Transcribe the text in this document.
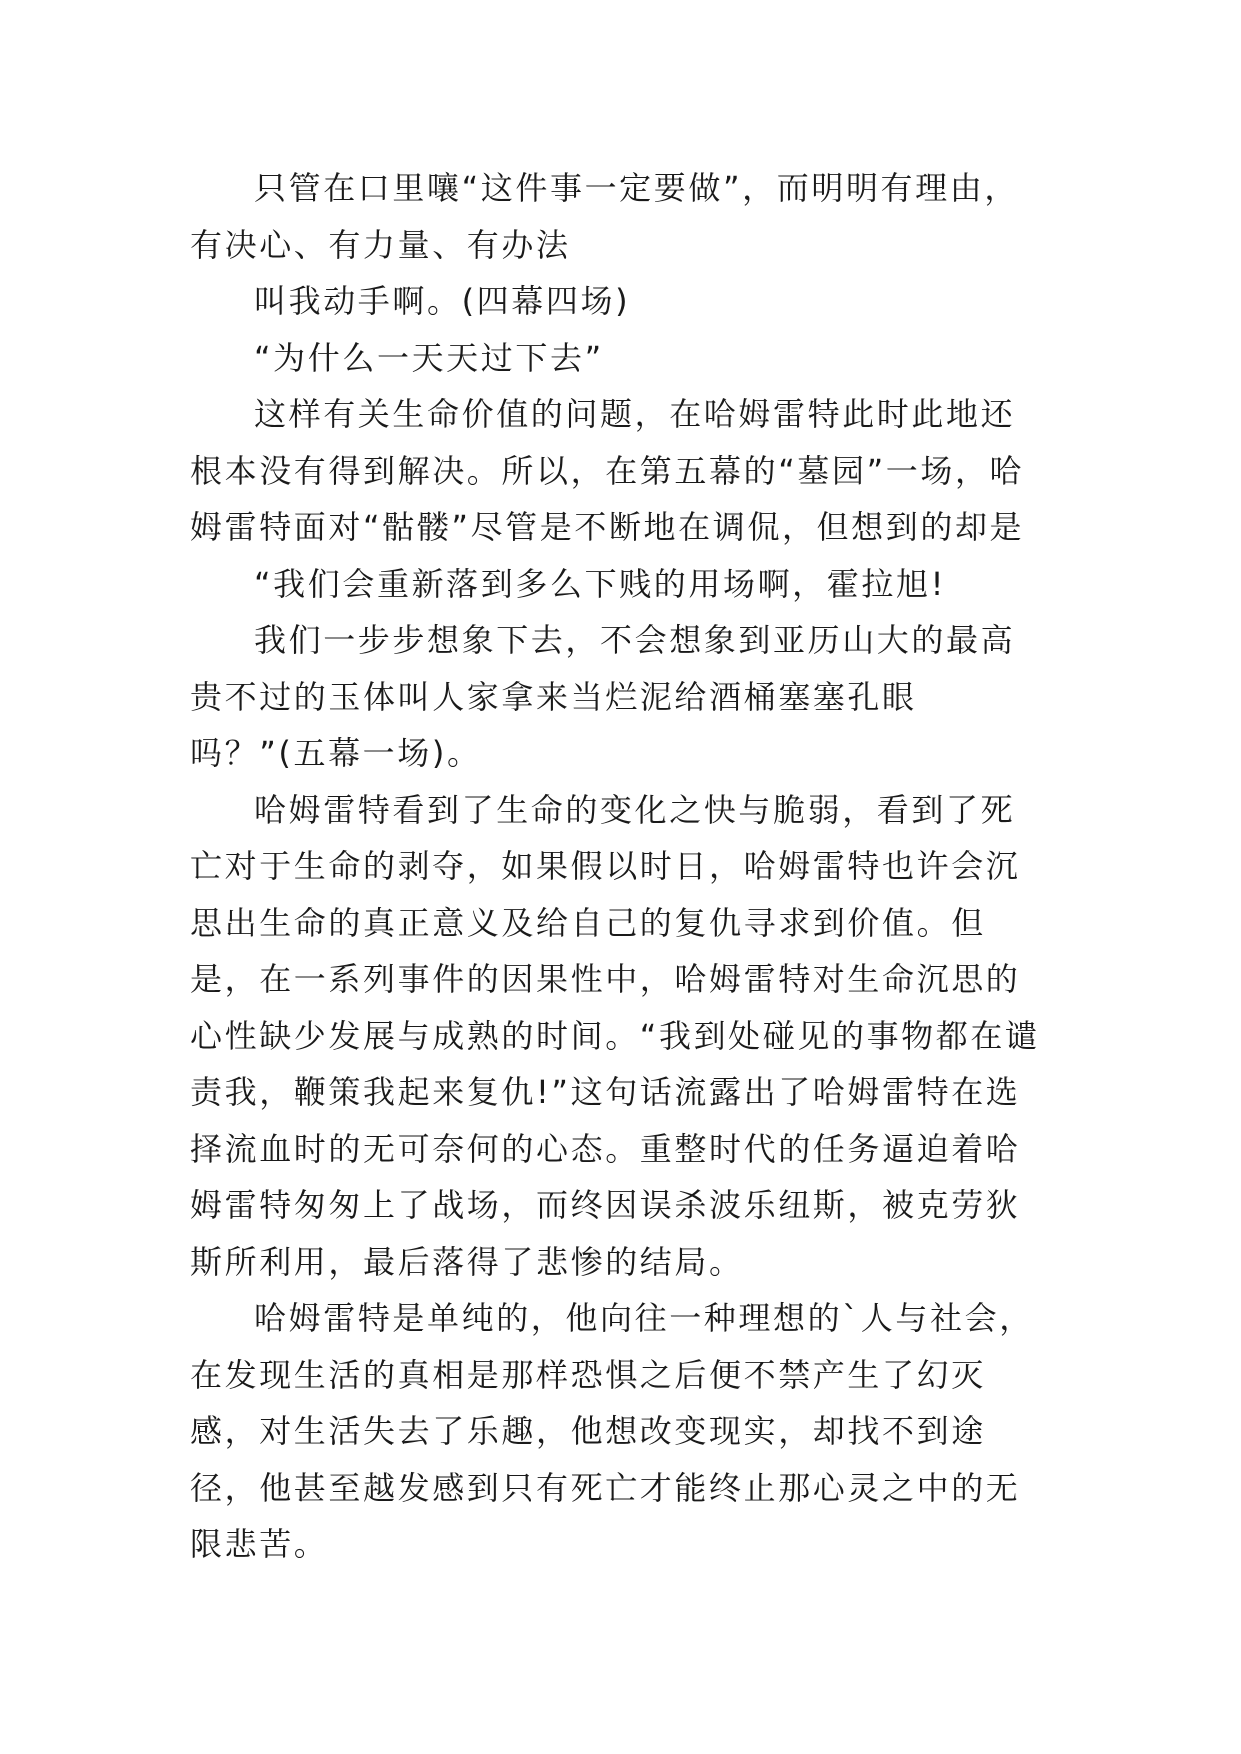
只管在口里嚷“这件事一定要做”，而明明有理由，有决心、有力量、有办法

叫我动手啊。(四幕四场)

“为什么一天天过下去”

这样有关生命价值的问题，在哈姆雷特此时此地还根本没有得到解决。所以，在第五幕的“墓园”一场，哈姆雷特面对“骷髅”尽管是不断地在调侃，但想到的却是

“我们会重新落到多么下贱的用场啊，霍拉旭!

我们一步步想象下去，不会想象到亚历山大的最高贵不过的玉体叫人家拿来当烂泥给酒桶塞塞孔眼吗？”(五幕一场)。

哈姆雷特看到了生命的变化之快与脆弱，看到了死亡对于生命的剥夺，如果假以时日，哈姆雷特也许会沉思出生命的真正意义及给自己的复仇寻求到价值。但是，在一系列事件的因果性中，哈姆雷特对生命沉思的心性缺少发展与成熟的时间。“我到处碰见的事物都在谴责我，鞭策我起来复仇!”这句话流露出了哈姆雷特在选择流血时的无可奈何的心态。重整时代的任务逼迫着哈姆雷特匆匆上了战场，而终因误杀波乐纽斯，被克劳狄斯所利用，最后落得了悲惨的结局。

哈姆雷特是单纯的，他向往一种理想的`人与社会，在发现生活的真相是那样恐惧之后便不禁产生了幻灭感，对生活失去了乐趣，他想改变现实，却找不到途径，他甚至越发感到只有死亡才能终止那心灵之中的无限悲苦。
